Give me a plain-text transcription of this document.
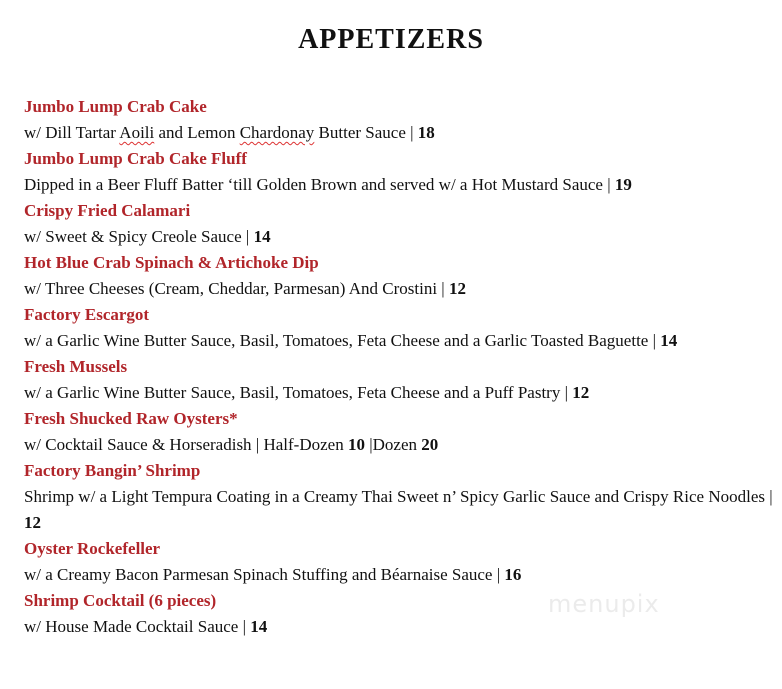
APPETIZERS
Jumbo Lump Crab Cake
w/ Dill Tartar Aoili and Lemon Chardonay Butter Sauce | 18
Jumbo Lump Crab Cake Fluff
Dipped in a Beer Fluff Batter ‘till Golden Brown and served w/ a Hot Mustard Sauce | 19
Crispy Fried Calamari
w/ Sweet & Spicy Creole Sauce | 14
Hot Blue Crab Spinach & Artichoke Dip
w/ Three Cheeses (Cream, Cheddar, Parmesan) And Crostini | 12
Factory Escargot
w/ a Garlic Wine Butter Sauce, Basil, Tomatoes, Feta Cheese and a Garlic Toasted Baguette | 14
Fresh Mussels
w/ a Garlic Wine Butter Sauce, Basil, Tomatoes, Feta Cheese and a Puff Pastry | 12
Fresh Shucked Raw Oysters*
w/ Cocktail Sauce & Horseradish | Half-Dozen 10 |Dozen 20
Factory Bangin’ Shrimp
Shrimp w/ a Light Tempura Coating in a Creamy Thai Sweet n’ Spicy Garlic Sauce and Crispy Rice Noodles | 12
Oyster Rockefeller
w/ a Creamy Bacon Parmesan Spinach Stuffing and Béarnaise Sauce | 16
Shrimp Cocktail (6 pieces)
w/ House Made Cocktail Sauce | 14
menupix
